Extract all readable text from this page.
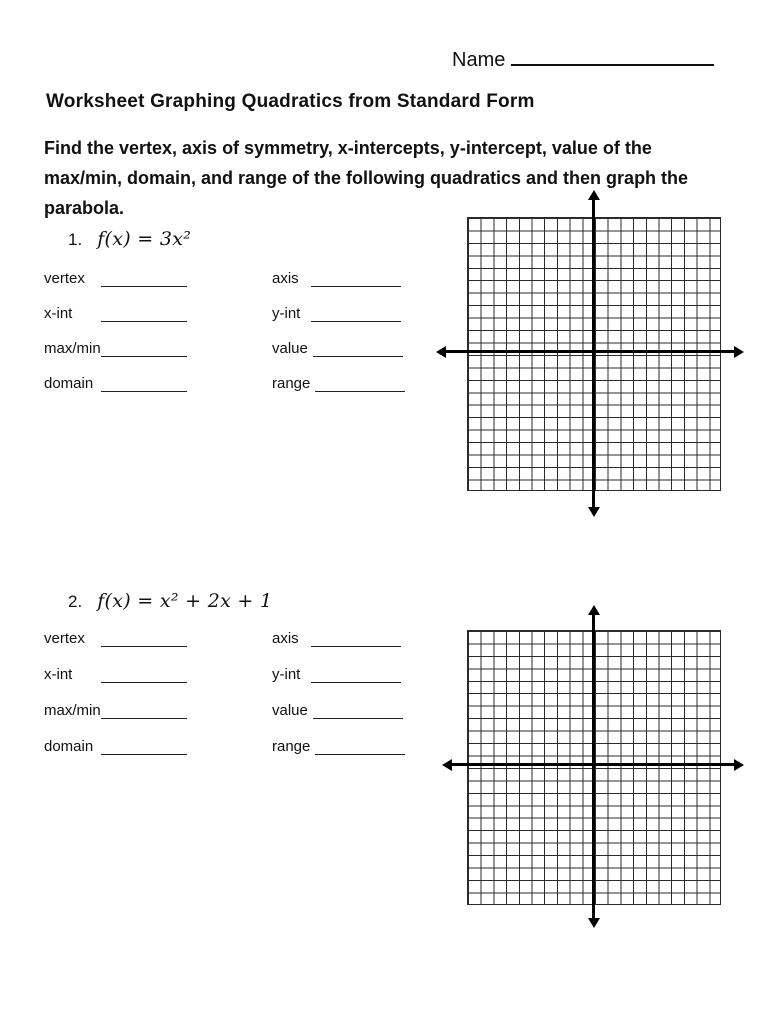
Name
Worksheet Graphing Quadratics from Standard Form
Find the vertex, axis of symmetry, x-intercepts, y-intercept, value of the
max/min, domain, and range of the following quadratics and then graph the
parabola.
1. f(x) = 3x²
vertex	axis
x-int	y-int
max/min	value
domain	range
2. f(x) = x² + 2x + 1
vertex	axis
x-int	y-int
max/min	value
domain	range
